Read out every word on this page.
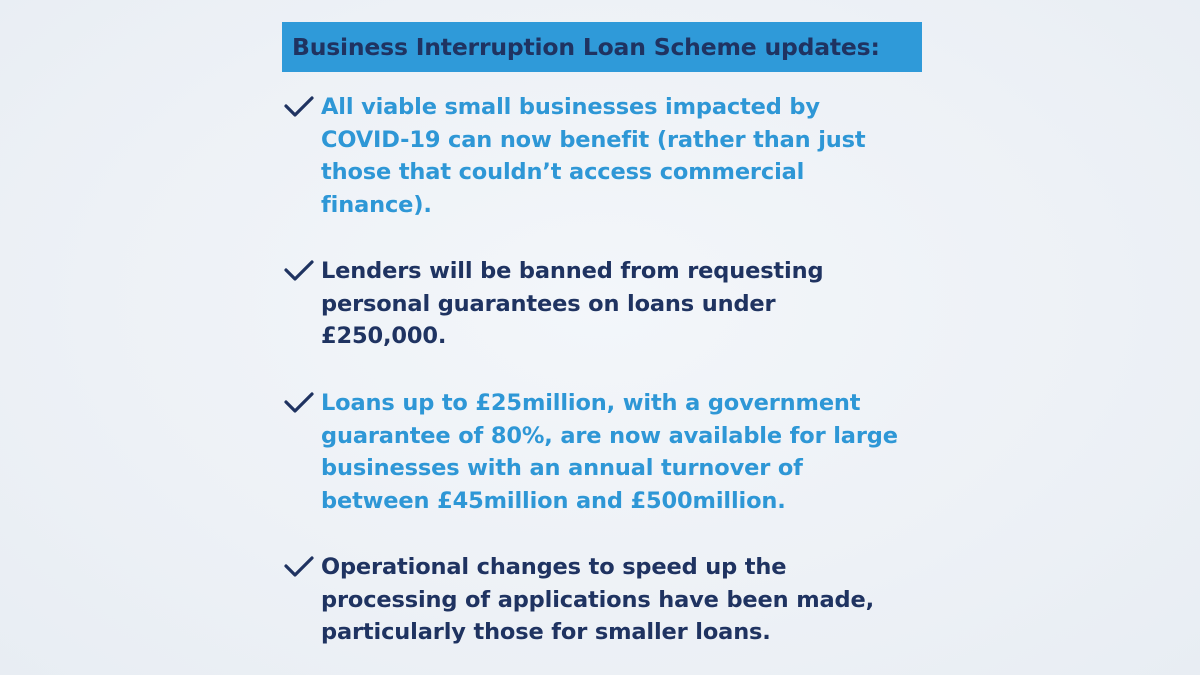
Business Interruption Loan Scheme updates:
All viable small businesses impacted by
COVID-19 can now benefit (rather than just
those that couldn’t access commercial
finance).
Lenders will be banned from requesting
personal guarantees on loans under
£250,000.
Loans up to £25million, with a government
guarantee of 80%, are now available for large
businesses with an annual turnover of
between £45million and £500million.
Operational changes to speed up the
processing of applications have been made,
particularly those for smaller loans.
